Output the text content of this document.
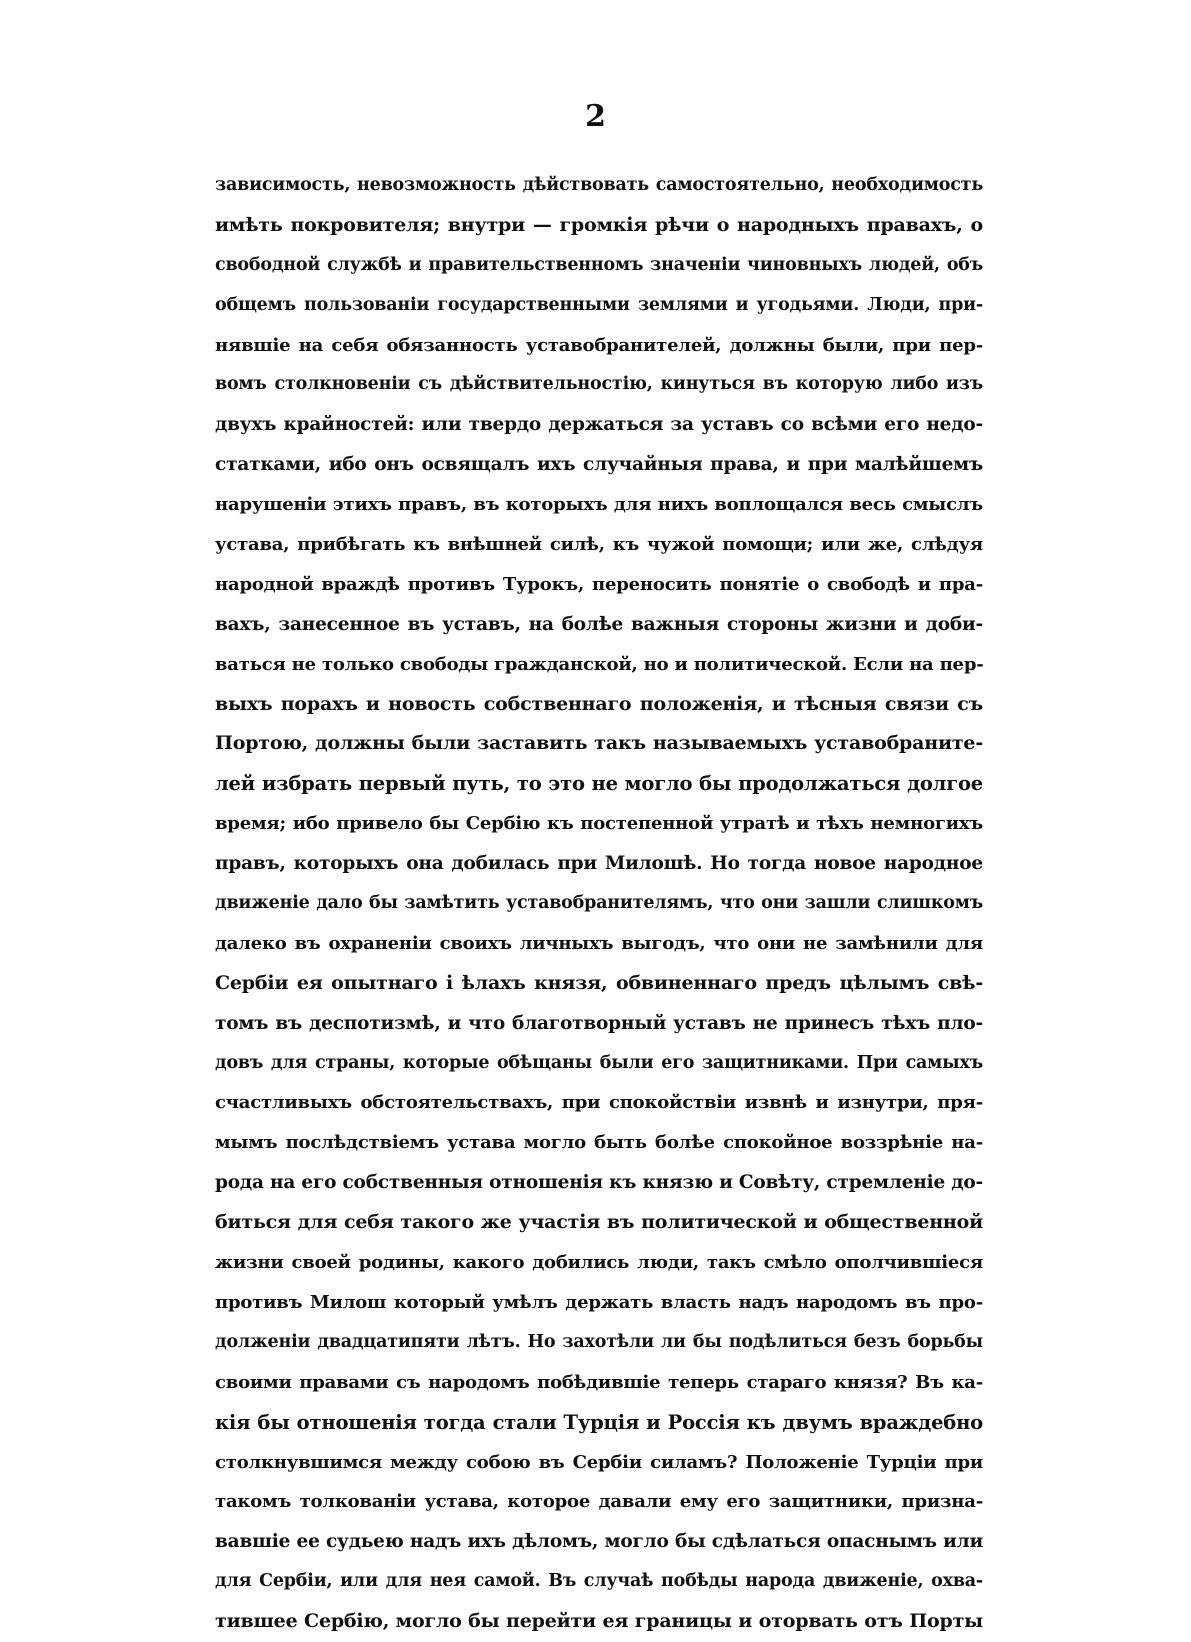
2
зависимость, невозможность дѣйствовать самостоятельно, необходимость
имѣть покровителя; внутри — громкія рѣчи о народныхъ правахъ, о
свободной службѣ и правительственномъ значеніи чиновныхъ людей, объ
общемъ пользованіи государственными землями и угодьями. Люди, при-
нявшіе на себя обязанность уставобранителей, должны были, при пер-
вомъ столкновеніи съ дѣйствительностію, кинуться въ которую либо изъ
двухъ крайностей: или твердо держаться за уставъ со всѣми его недо-
статками, ибо онъ освящалъ ихъ случайныя права, и при малѣйшемъ
нарушеніи этихъ правъ, въ которыхъ для нихъ воплощался весь смыслъ
устава, прибѣгать къ внѣшней силѣ, къ чужой помощи; или же, слѣдуя
народной враждѣ противъ Турокъ, переносить понятіе о свободѣ и пра-
вахъ, занесенное въ уставъ, на болѣе важныя стороны жизни и доби-
ваться не только свободы гражданской, но и политической. Если на пер-
выхъ порахъ и новость собственнаго положенія, и тѣсныя связи съ
Портою, должны были заставить такъ называемыхъ уставобраните-
лей избрать первый путь, то это не могло бы продолжаться долгое
время; ибо привело бы Сербію къ постепенной утратѣ и тѣхъ немногихъ
правъ, которыхъ она добилась при Милошѣ. Но тогда новое народное
движеніе дало бы замѣтить уставобранителямъ, что они зашли слишкомъ
далеко въ охраненіи своихъ личныхъ выгодъ, что они не замѣнили для
Сербіи ея опытнаго і ѣлахъ князя, обвиненнаго предъ цѣлымъ свѣ-
томъ въ деспотизмѣ, и что благотворный уставъ не принесъ тѣхъ пло-
довъ для страны, которые обѣщаны были его защитниками. При самыхъ
счастливыхъ обстоятельствахъ, при спокойствіи извнѣ и изнутри, пря-
мымъ послѣдствіемъ устава могло быть болѣе спокойное воззрѣніе на-
рода на его собственныя отношенія къ князю и Совѣту, стремленіе до-
биться для себя такого же участія въ политической и общественной
жизни своей родины, какого добились люди, такъ смѣло ополчившіеся
противъ Милош который умѣлъ держать власть надъ народомъ въ про-
долженіи двадцатипяти лѣтъ. Но захотѣли ли бы подѣлиться безъ борьбы
своими правами съ народомъ побѣдившіе теперь стараго князя? Въ ка-
кія бы отношенія тогда стали Турція и Россія къ двумъ враждебно
столкнувшимся между собою въ Сербіи силамъ? Положеніе Турціи при
такомъ толкованіи устава, которое давали ему его защитники, призна-
вавшіе ее судьею надъ ихъ дѣломъ, могло бы сдѣлаться опаснымъ или
для Сербіи, или для нея самой. Въ случаѣ побѣды народа движеніе, охва-
тившее Сербію, могло бы перейти ея границы и оторвать отъ Порты
